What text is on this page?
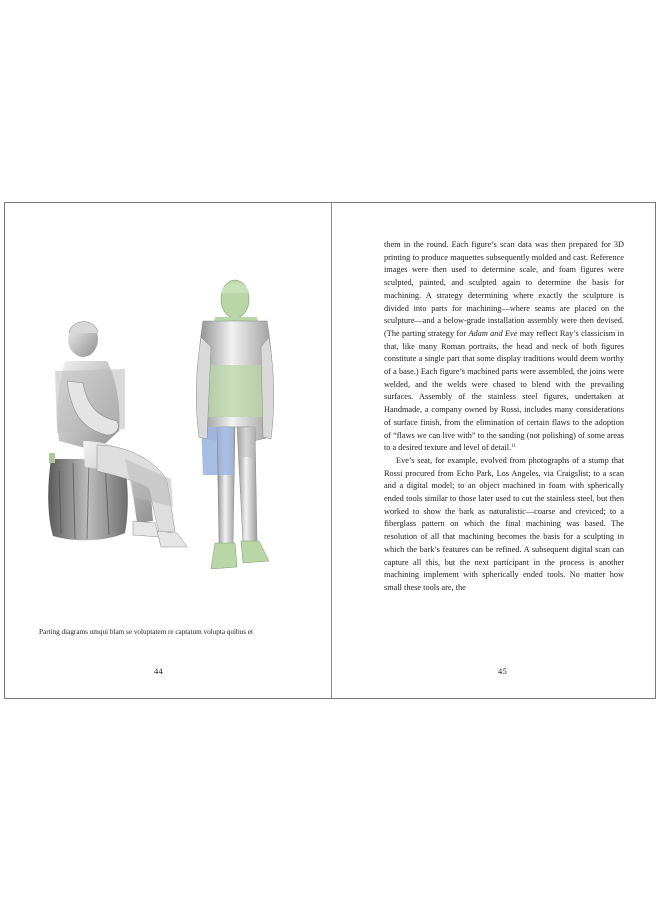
Parting diagrams umqui blam se voluptatem re captatum volupta quibus et
44

them in the round. Each figure’s scan data was then prepared for 3D printing to produce maquettes subsequently molded and cast. Reference images were then used to determine scale, and foam figures were sculpted, painted, and sculpted again to determine the basis for machining. A strategy determining where exactly the sculpture is divided into parts for machining—where seams are placed on the sculpture—and a below-grade installation assembly were then devised. (The parting strategy for Adam and Eve may reflect Ray’s classicism in that, like many Roman portraits, the head and neck of both figures constitute a single part that some display traditions would deem worthy of a base.) Each figure’s machined parts were assembled, the joins were welded, and the welds were chased to blend with the prevailing surfaces. Assembly of the stainless steel figures, undertaken at Handmade, a company owned by Rossi, includes many considerations of surface finish, from the elimination of certain flaws to the adoption of “flaws we can live with” to the sanding (not polishing) of some areas to a desired texture and level of detail.$^{11}$

Eve’s seat, for example, evolved from photographs of a stump that Rossi procured from Echo Park, Los Angeles, via Craigslist; to a scan and a digital model; to an object machined in foam with spherically ended tools similar to those later used to cut the stainless steel, but then worked to show the bark as naturalistic—coarse and creviced; to a fiberglass pattern on which the final machining was based. The resolution of all that machining becomes the basis for a sculpting in which the bark’s features can be refined. A subsequent digital scan can capture all this, but the next participant in the process is another machining implement with spherically ended tools. No matter how small these tools are, the

45
